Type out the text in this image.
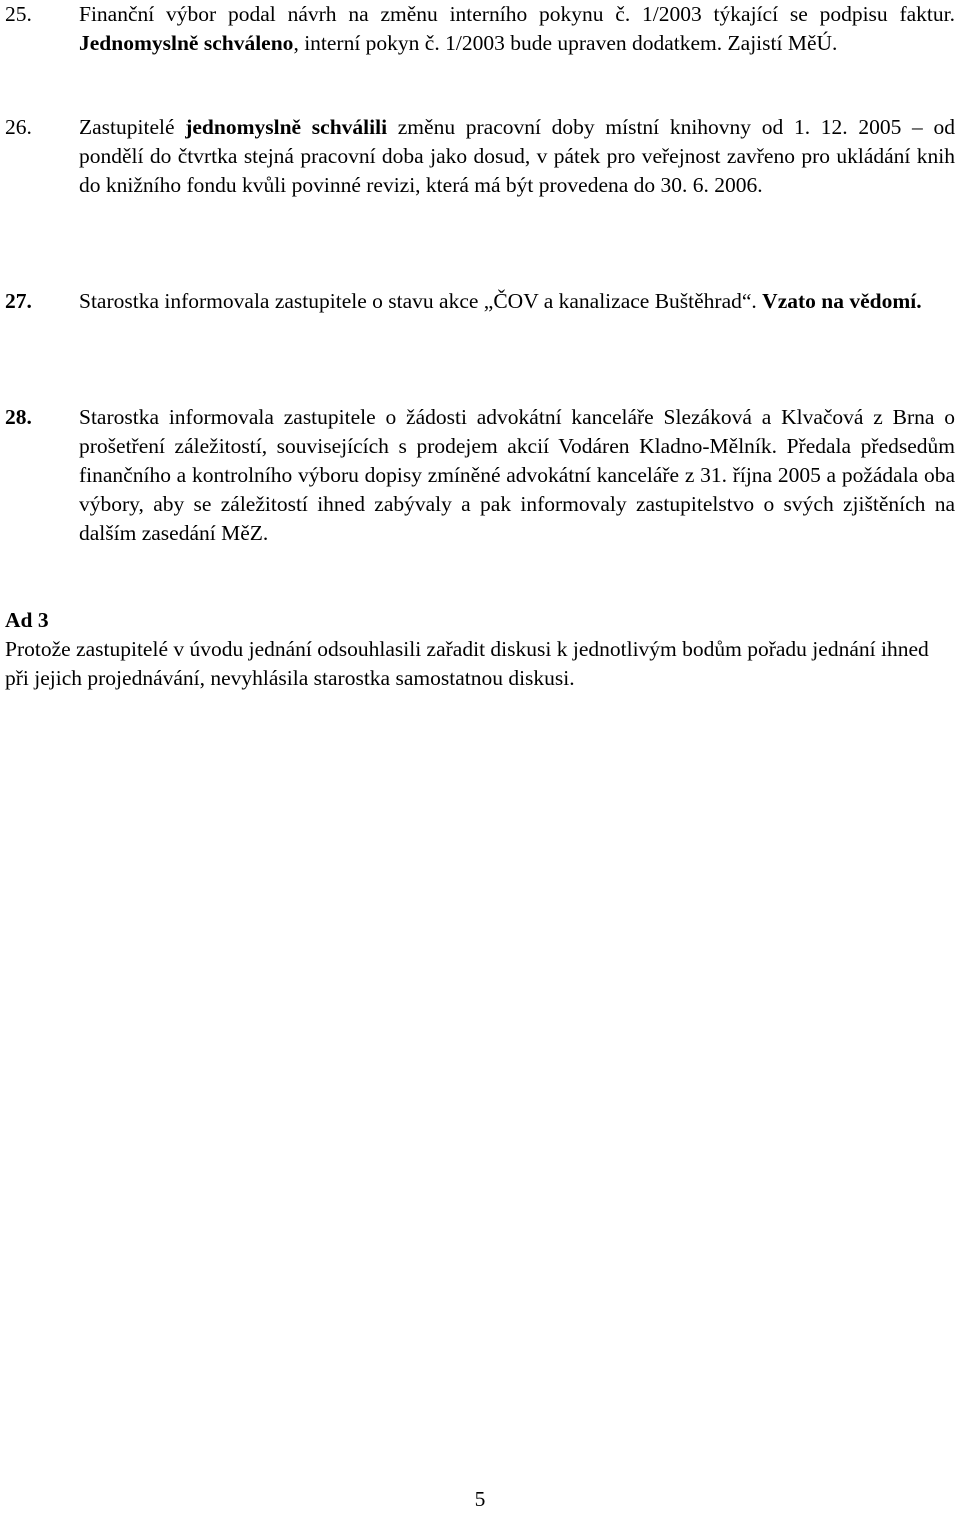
25. Finanční výbor podal návrh na změnu interního pokynu č. 1/2003 týkající se podpisu faktur. Jednomyslně schváleno, interní pokyn č. 1/2003 bude upraven dodatkem. Zajistí MěÚ.
26. Zastupitelé jednomyslně schválili změnu pracovní doby místní knihovny od 1. 12. 2005 – od pondělí do čtvrtka stejná pracovní doba jako dosud, v pátek pro veřejnost zavřeno pro ukládání knih do knižního fondu kvůli povinné revizi, která má být provedena do 30. 6. 2006.
27. Starostka informovala zastupitele o stavu akce „ČOV a kanalizace Buštěhrad“. Vzato na vědomí.
28. Starostka informovala zastupitele o žádosti advokátní kanceláře Slezáková a Klvačová z Brna o prošetření záležitostí, souvisejících s prodejem akcií Vodáren Kladno-Mělník. Předala předsedům finančního a kontrolního výboru dopisy zmíněné advokátní kanceláře z 31. října 2005 a požádala oba výbory, aby se záležitostí ihned zabývaly a pak informovaly zastupitelstvo o svých zjištěních na dalším zasedání MěZ.

Ad 3

Protože zastupitelé v úvodu jednání odsouhlasili zařadit diskusi k jednotlivým bodům pořadu jednání ihned při jejich projednávání, nevyhlásila starostka samostatnou diskusi.

5
